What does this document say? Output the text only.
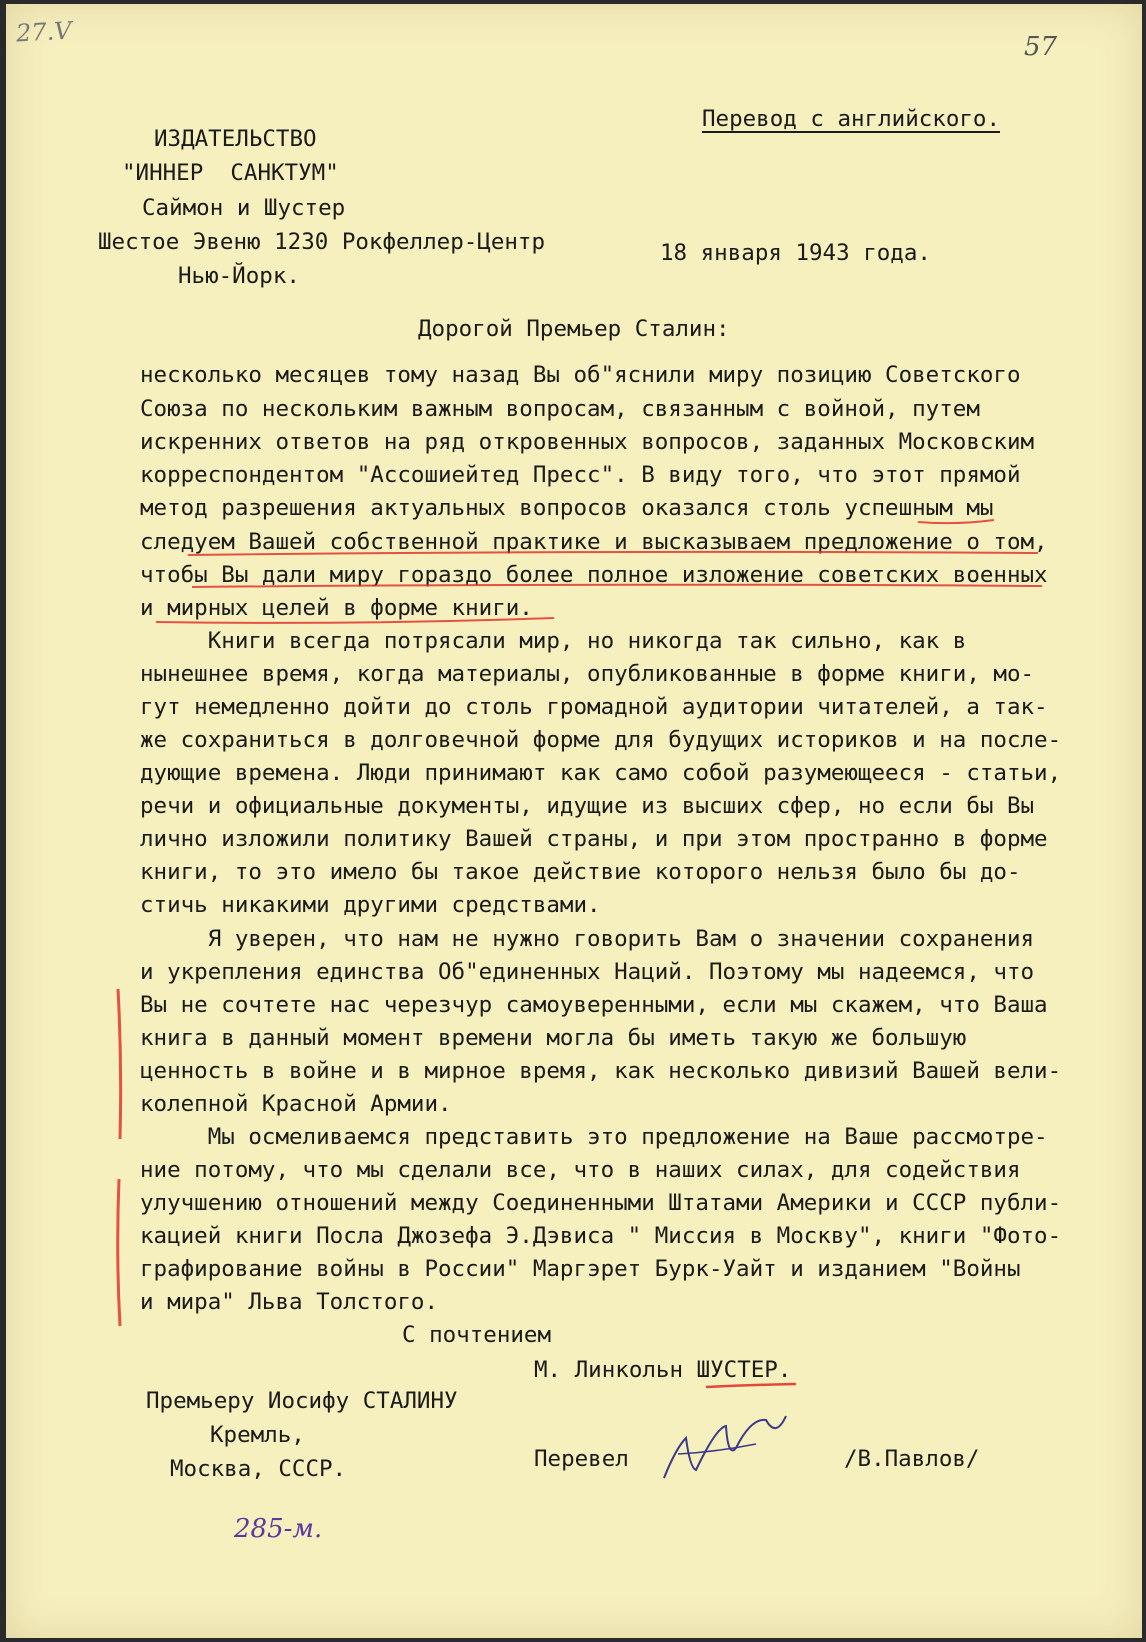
27.V	57
Перевод с английского.
ИЗДАТЕЛЬСТВО
"ИННЕР  САНКТУМ"
Саймон и Шустер
Шестое Эвеню 1230 Рокфеллер-Центр
Нью-Йорк.
18 января 1943 года.
Дорогой Премьер Сталин:
несколько месяцев тому назад Вы об"яснили миру позицию Советского
Союза по нескольким важным вопросам, связанным с войной, путем
искренних ответов на ряд откровенных вопросов, заданных Московским
корреспондентом "Ассошиейтед Пресс". В виду того, что этот прямой
метод разрешения актуальных вопросов оказался столь успешным мы
следуем Вашей собственной практике и высказываем предложение о том,
чтобы Вы дали миру гораздо более полное изложение советских военных
и мирных целей в форме книги.
Книги всегда потрясали мир, но никогда так сильно, как в
нынешнее время, когда материалы, опубликованные в форме книги, мо-
гут немедленно дойти до столь громадной аудитории читателей, а так-
же сохраниться в долговечной форме для будущих историков и на после-
дующие времена. Люди принимают как само собой разумеющееся - статьи,
речи и официальные документы, идущие из высших сфер, но если бы Вы
лично изложили политику Вашей страны, и при этом пространно в форме
книги, то это имело бы такое действие которого нельзя было бы до-
стичь никакими другими средствами.
Я уверен, что нам не нужно говорить Вам о значении сохранения
и укрепления единства Об"единенных Наций. Поэтому мы надеемся, что
Вы не сочтете нас черезчур самоуверенными, если мы скажем, что Ваша
книга в данный момент времени могла бы иметь такую же большую
ценность в войне и в мирное время, как несколько дивизий Вашей вели-
колепной Красной Армии.
Мы осмеливаемся представить это предложение на Ваше рассмотре-
ние потому, что мы сделали все, что в наших силах, для содействия
улучшению отношений между Соединенными Штатами Америки и СССР публи-
кацией книги Посла Джозефа Э.Дэвиса " Миссия в Москву", книги "Фото-
графирование войны в России" Маргэрет Бурк-Уайт и изданием "Войны
и мира" Льва Толстого.
С почтением
М. Линкольн ШУСТЕР.
Премьеру Иосифу СТАЛИНУ
Кремль,
Москва, СССР.	Перевел	/В.Павлов/
285-м.
